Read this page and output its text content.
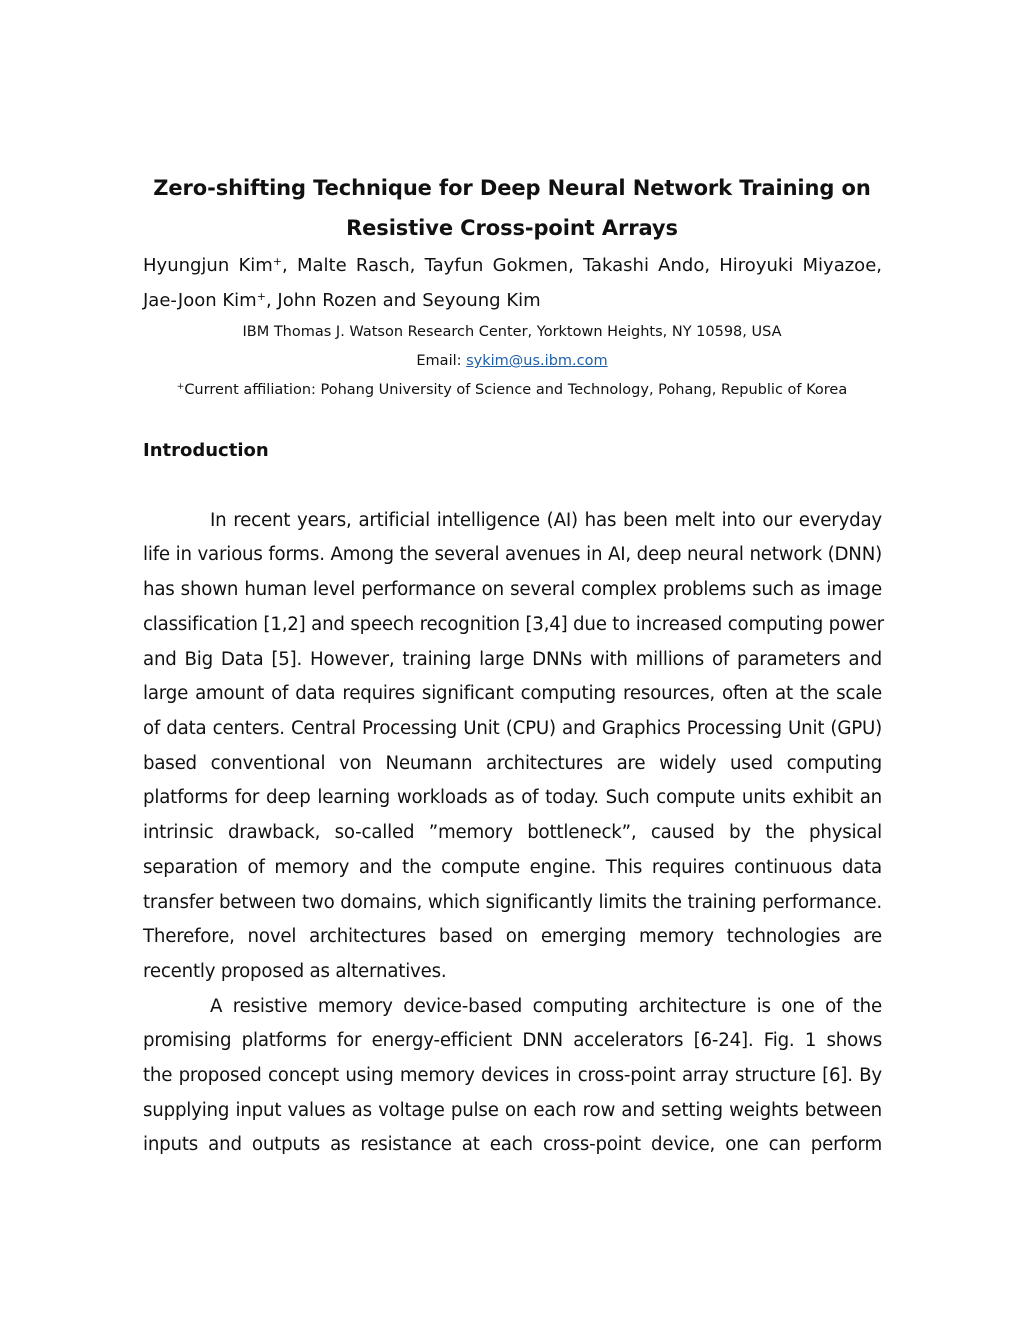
Zero-shifting Technique for Deep Neural Network Training on
Resistive Cross-point Arrays
Hyungjun Kim+, Malte Rasch, Tayfun Gokmen, Takashi Ando, Hiroyuki Miyazoe,
Jae-Joon Kim+, John Rozen and Seyoung Kim
IBM Thomas J. Watson Research Center, Yorktown Heights, NY 10598, USA
Email: sykim@us.ibm.com
+Current affiliation: Pohang University of Science and Technology, Pohang, Republic of Korea
Introduction
In recent years, artificial intelligence (AI) has been melt into our everyday
life in various forms. Among the several avenues in AI, deep neural network (DNN)
has shown human level performance on several complex problems such as image
classification [1,2] and speech recognition [3,4] due to increased computing power
and Big Data [5]. However, training large DNNs with millions of parameters and
large amount of data requires significant computing resources, often at the scale
of data centers. Central Processing Unit (CPU) and Graphics Processing Unit (GPU)
based conventional von Neumann architectures are widely used computing
platforms for deep learning workloads as of today. Such compute units exhibit an
intrinsic drawback, so-called ”memory bottleneck”, caused by the physical
separation of memory and the compute engine. This requires continuous data
transfer between two domains, which significantly limits the training performance.
Therefore, novel architectures based on emerging memory technologies are
recently proposed as alternatives.
A resistive memory device-based computing architecture is one of the
promising platforms for energy-efficient DNN accelerators [6-24]. Fig. 1 shows
the proposed concept using memory devices in cross-point array structure [6]. By
supplying input values as voltage pulse on each row and setting weights between
inputs and outputs as resistance at each cross-point device, one can perform
